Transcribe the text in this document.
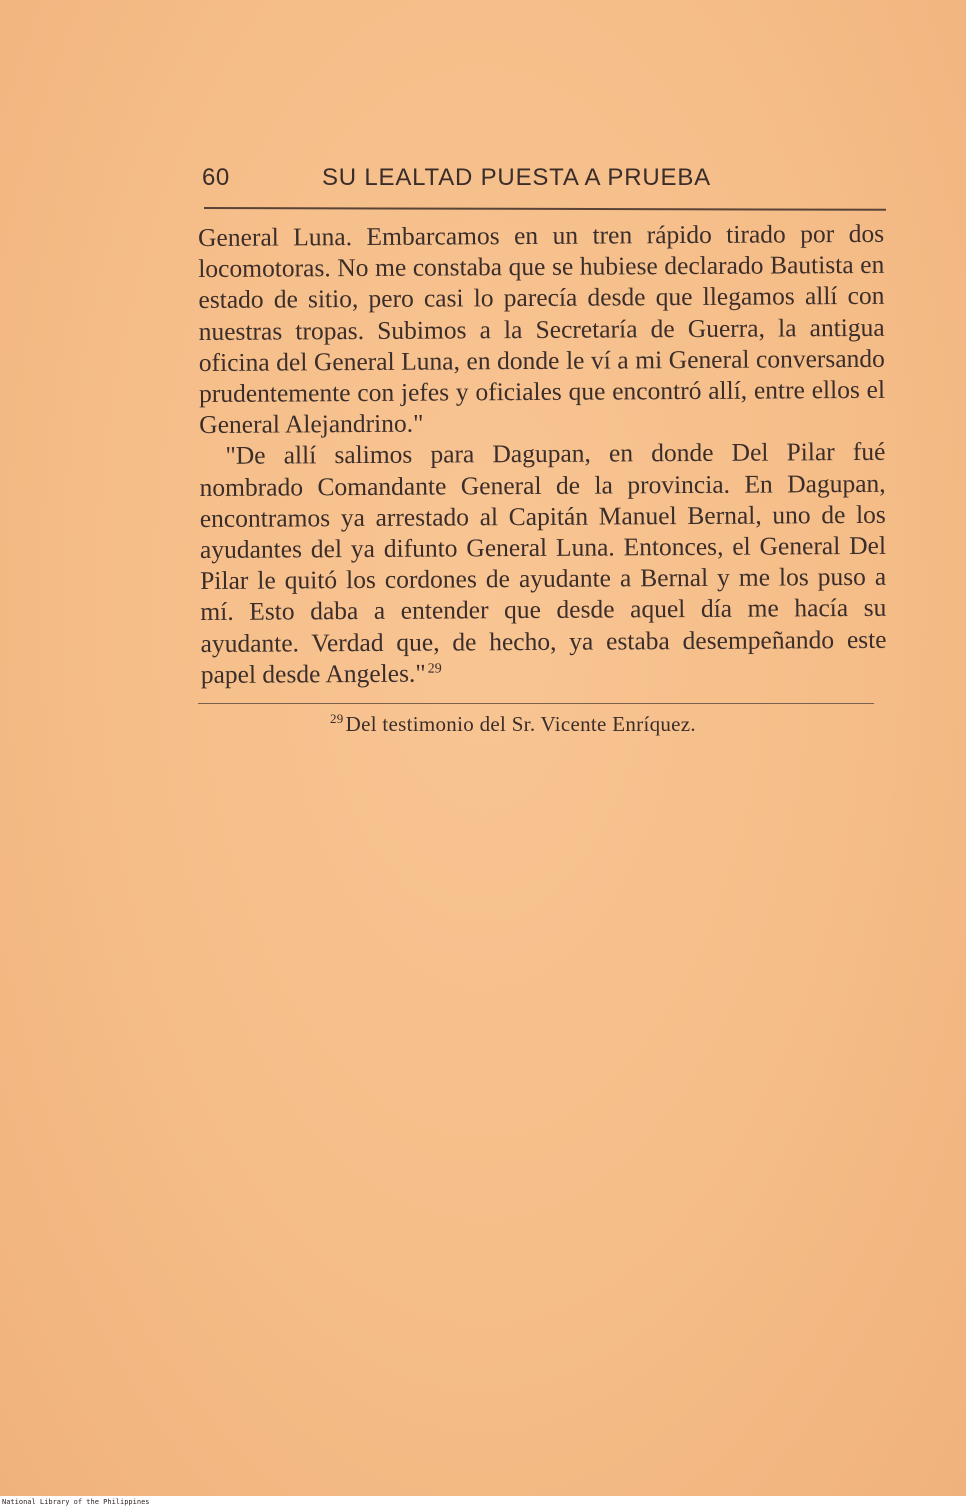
60	SU LEALTAD PUESTA A PRUEBA

General Luna. Embarcamos en un tren rápido tirado por dos locomotoras. No me constaba que se hubiese declarado Bautista en estado de sitio, pero casi lo parecía desde que llegamos allí con nuestras tropas. Subimos a la Secretaría de Guerra, la antigua oficina del General Luna, en donde le ví a mi General conversando prudentemente con jefes y oficiales que encontró allí, entre ellos el General Alejandrino."

"De allí salimos para Dagupan, en donde Del Pilar fué nombrado Comandante General de la provincia. En Dagupan, encontramos ya arrestado al Capitán Manuel Bernal, uno de los ayudantes del ya difunto General Luna. Entonces, el General Del Pilar le quitó los cordones de ayudante a Bernal y me los puso a mí. Esto daba a entender que desde aquel día me hacía su ayudante. Verdad que, de hecho, ya estaba desempeñando este papel desde Angeles." $^{29}$

$^{29}$Del testimonio del Sr. Vicente Enríquez.
National Library of the Philippines
